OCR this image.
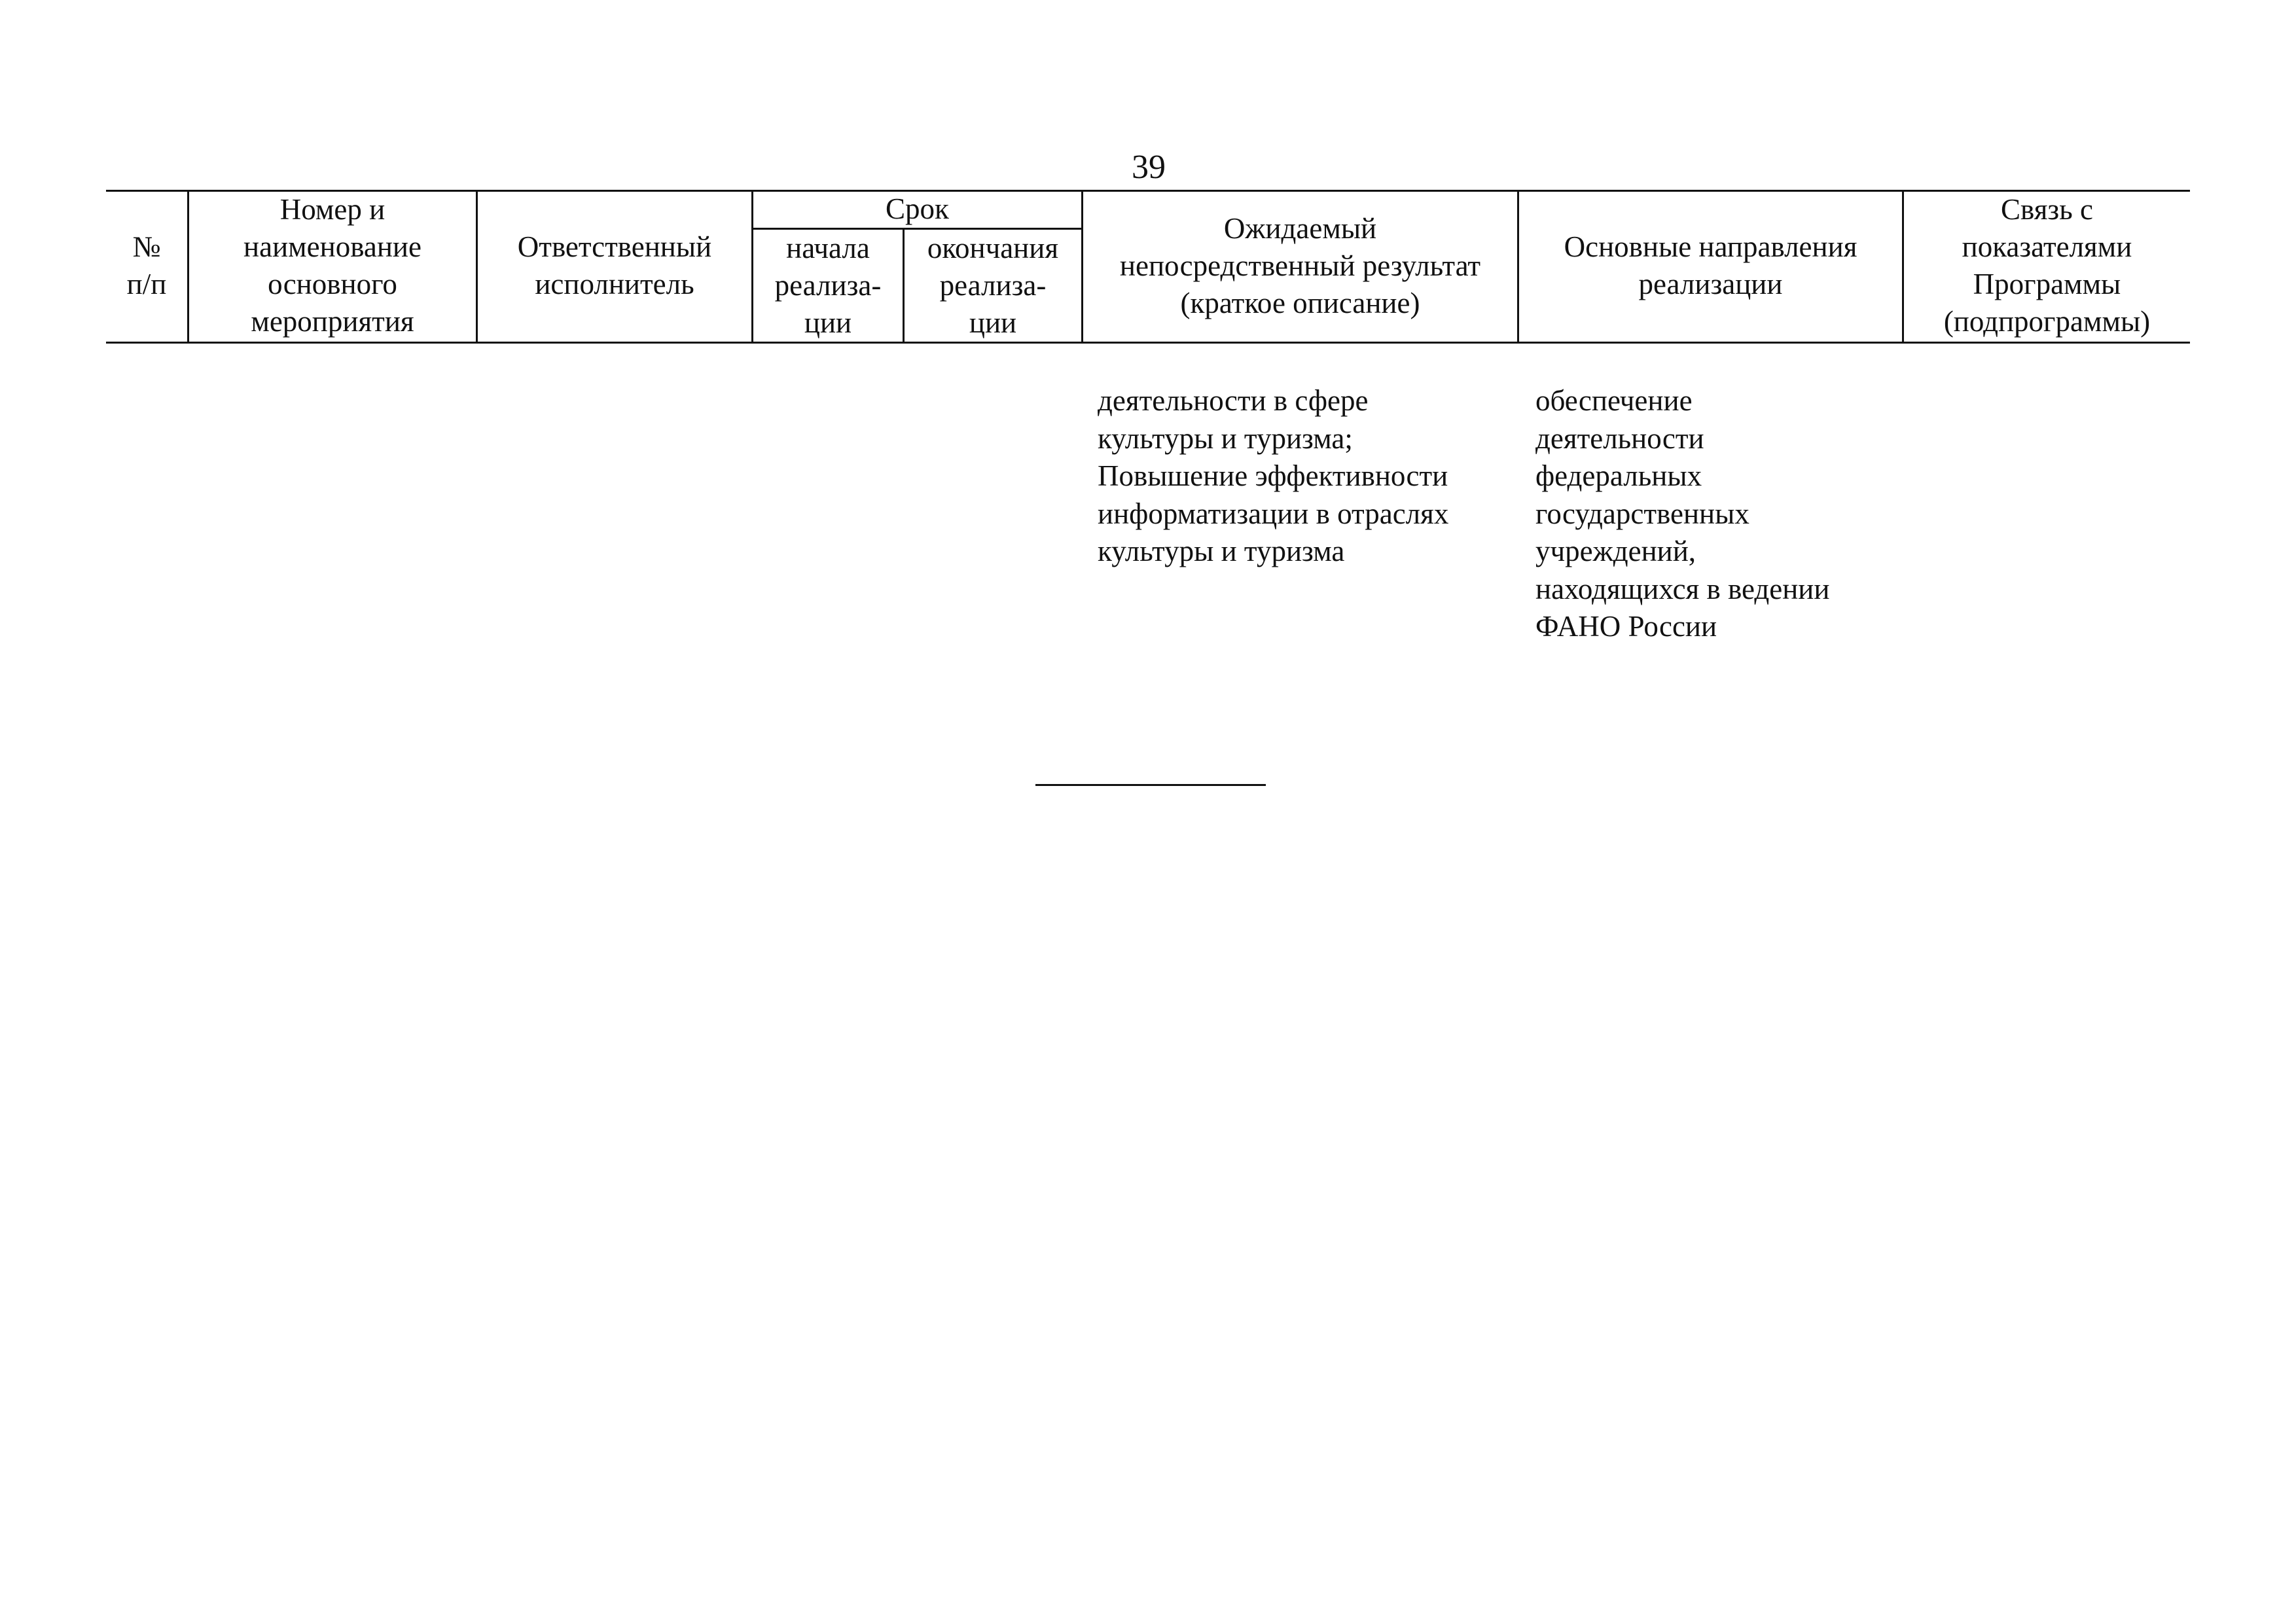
39
№
п/п
Номер и
наименование
основного
мероприятия
Ответственный
исполнитель
Срок
начала
реализа-
ции
окончания
реализа-
ции
Ожидаемый
непосредственный результат
(краткое описание)
Основные направления
реализации
Связь с
показателями
Программы
(подпрограммы)
деятельности в сфере
культуры и туризма;
Повышение эффективности
информатизации в отраслях
культуры и туризма
обеспечение
деятельности
федеральных
государственных
учреждений,
находящихся в ведении
ФАНО России
